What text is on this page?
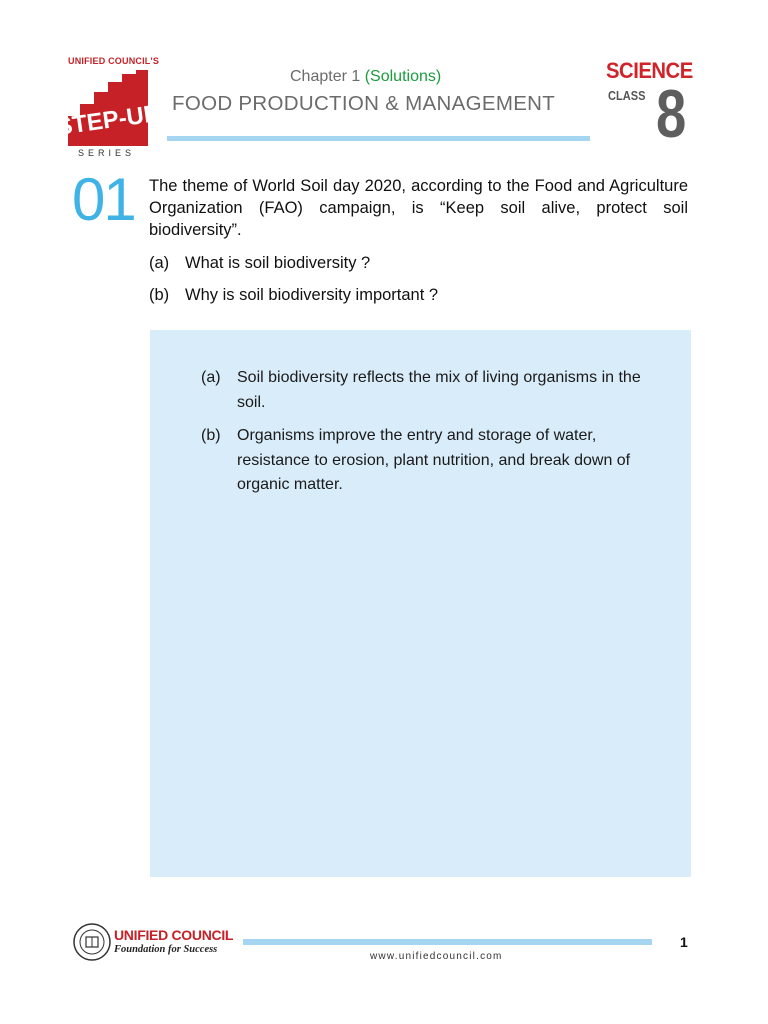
UNIFIED COUNCIL'S
STEP-UP
SERIES
Chapter 1 (Solutions)
FOOD PRODUCTION & MANAGEMENT
SCIENCE
CLASS 8
01 The theme of World Soil day 2020, according to the Food and Agriculture Organization (FAO) campaign, is “Keep soil alive, protect soil biodiversity”.
(a) What is soil biodiversity ?
(b) Why is soil biodiversity important ?
(a) Soil biodiversity reflects the mix of living organisms in the soil.
(b) Organisms improve the entry and storage of water, resistance to erosion, plant nutrition, and break down of organic matter.
UNIFIED COUNCIL
Foundation for Success	1
www.unifiedcouncil.com
